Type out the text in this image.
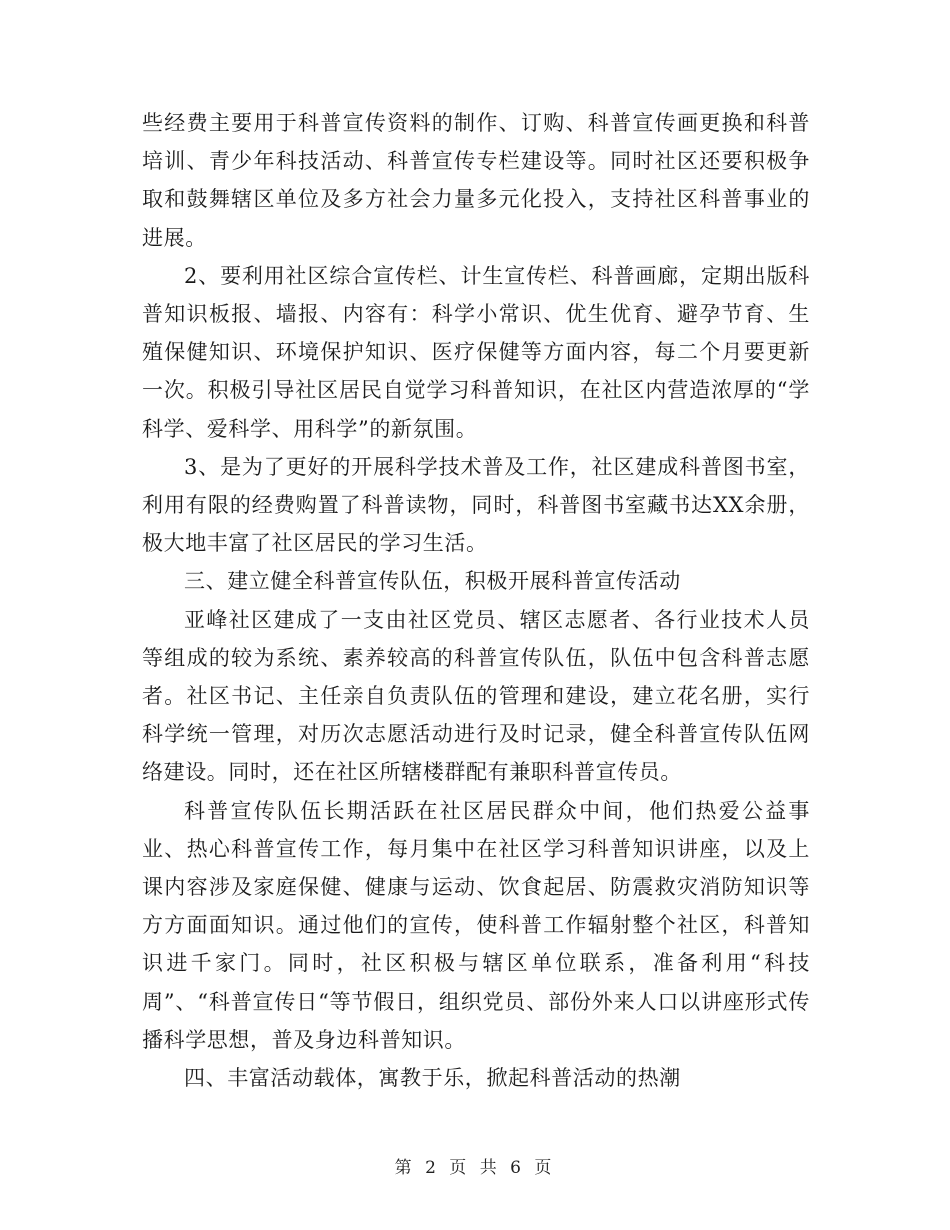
些经费主要用于科普宣传资料的制作、订购、科普宣传画更换和科普培训、青少年科技活动、科普宣传专栏建设等。同时社区还要积极争取和鼓舞辖区单位及多方社会力量多元化投入，支持社区科普事业的进展。

2、要利用社区综合宣传栏、计生宣传栏、科普画廊，定期出版科普知识板报、墙报、内容有：科学小常识、优生优育、避孕节育、生殖保健知识、环境保护知识、医疗保健等方面内容，每二个月要更新一次。积极引导社区居民自觉学习科普知识，在社区内营造浓厚的“学科学、爱科学、用科学”的新氛围。

3、是为了更好的开展科学技术普及工作，社区建成科普图书室，利用有限的经费购置了科普读物，同时，科普图书室藏书达XX余册，极大地丰富了社区居民的学习生活。

三、建立健全科普宣传队伍，积极开展科普宣传活动

亚峰社区建成了一支由社区党员、辖区志愿者、各行业技术人员等组成的较为系统、素养较高的科普宣传队伍，队伍中包含科普志愿者。社区书记、主任亲自负责队伍的管理和建设，建立花名册，实行科学统一管理，对历次志愿活动进行及时记录，健全科普宣传队伍网络建设。同时，还在社区所辖楼群配有兼职科普宣传员。

科普宣传队伍长期活跃在社区居民群众中间，他们热爱公益事业、热心科普宣传工作，每月集中在社区学习科普知识讲座，以及上课内容涉及家庭保健、健康与运动、饮食起居、防震救灾消防知识等方方面面知识。通过他们的宣传，使科普工作辐射整个社区，科普知识进千家门。同时，社区积极与辖区单位联系，准备利用“科技周”、“科普宣传日“等节假日，组织党员、部份外来人口以讲座形式传播科学思想，普及身边科普知识。

四、丰富活动载体，寓教于乐，掀起科普活动的热潮

第 2 页 共 6 页
